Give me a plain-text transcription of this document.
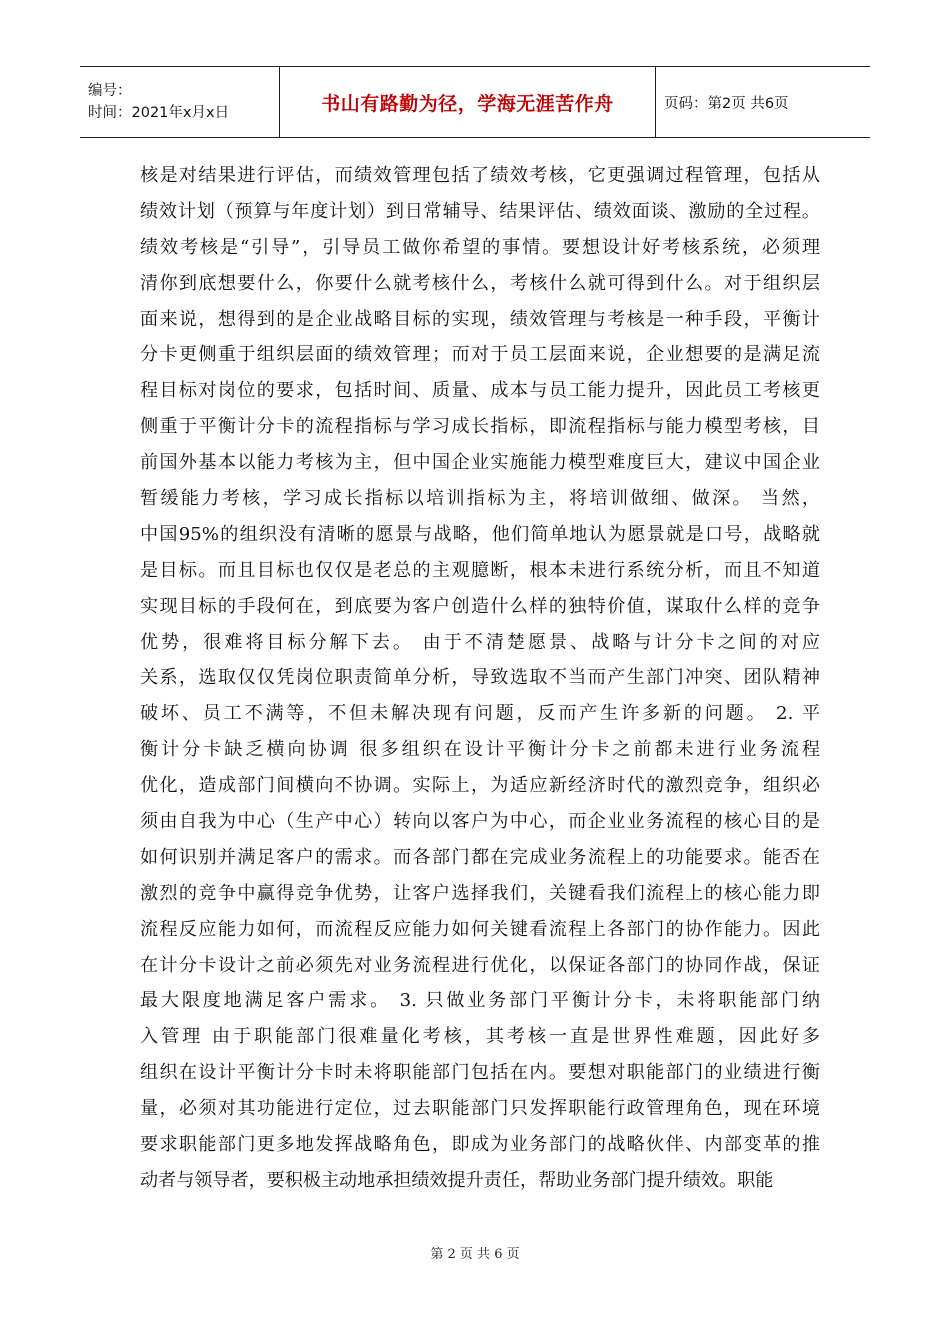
编号：
时间：2021年x月x日	书山有路勤为径，学海无涯苦作舟	页码：第2页 共6页
核是对结果进行评估，而绩效管理包括了绩效考核，它更强调过程管理，包括从
绩效计划（预算与年度计划）到日常辅导、结果评估、绩效面谈、激励的全过程。
绩效考核是“引导”，引导员工做你希望的事情。要想设计好考核系统，必须理
清你到底想要什么，你要什么就考核什么，考核什么就可得到什么。对于组织层
面来说，想得到的是企业战略目标的实现，绩效管理与考核是一种手段，平衡计
分卡更侧重于组织层面的绩效管理；而对于员工层面来说，企业想要的是满足流
程目标对岗位的要求，包括时间、质量、成本与员工能力提升，因此员工考核更
侧重于平衡计分卡的流程指标与学习成长指标，即流程指标与能力模型考核，目
前国外基本以能力考核为主，但中国企业实施能力模型难度巨大，建议中国企业
暂缓能力考核，学习成长指标以培训指标为主，将培训做细、做深。 当然，
中国95%的组织没有清晰的愿景与战略，他们简单地认为愿景就是口号，战略就
是目标。而且目标也仅仅是老总的主观臆断，根本未进行系统分析，而且不知道
实现目标的手段何在，到底要为客户创造什么样的独特价值，谋取什么样的竞争
优势，很难将目标分解下去。 由于不清楚愿景、战略与计分卡之间的对应
关系，选取仅仅凭岗位职责简单分析，导致选取不当而产生部门冲突、团队精神
破坏、员工不满等，不但未解决现有问题，反而产生许多新的问题。 2. 平
衡计分卡缺乏横向协调 很多组织在设计平衡计分卡之前都未进行业务流程
优化，造成部门间横向不协调。实际上，为适应新经济时代的激烈竞争，组织必
须由自我为中心（生产中心）转向以客户为中心，而企业业务流程的核心目的是
如何识别并满足客户的需求。而各部门都在完成业务流程上的功能要求。能否在
激烈的竞争中赢得竞争优势，让客户选择我们，关键看我们流程上的核心能力即
流程反应能力如何，而流程反应能力如何关键看流程上各部门的协作能力。因此
在计分卡设计之前必须先对业务流程进行优化，以保证各部门的协同作战，保证
最大限度地满足客户需求。 3. 只做业务部门平衡计分卡，未将职能部门纳
入管理 由于职能部门很难量化考核，其考核一直是世界性难题，因此好多
组织在设计平衡计分卡时未将职能部门包括在内。要想对职能部门的业绩进行衡
量，必须对其功能进行定位，过去职能部门只发挥职能行政管理角色，现在环境
要求职能部门更多地发挥战略角色，即成为业务部门的战略伙伴、内部变革的推
动者与领导者，要积极主动地承担绩效提升责任，帮助业务部门提升绩效。职能
第 2 页 共 6 页
